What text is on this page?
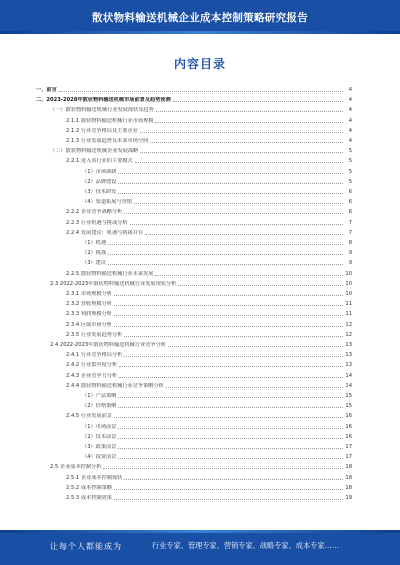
散状物料输送机械企业成本控制策略研究报告
内容目录
一、前言	4
二、2023-2028年散状物料输送机械市场前景及趋势预测	4
（一）散状物料输送机械行业发展现状及趋势	4
2.1.1 散状物料输送机械行业市场规模	4
2.1.2 行业竞争格局及主要企业	4
2.1.3 行业发展趋势及未来市场空间	4
（二）散状物料输送机械企业发展战略	5
2.2.1 进入该行业的主要模式	5
（1）市场调研	5
（2）品牌建设	5
（3）技术研发	6
（4）渠道拓展与营销	6
2.2.2 企业竞争战略分析	6
2.2.3 行业机遇与挑战分析	7
2.2.4 发展建议：机遇与挑战并存	7
（1）机遇	8
（2）挑战	9
（3）建议	9
2.2.5 散状物料输送机械行业未来发展	10
2.3 2022-2023年散状物料输送机械行业发展现状分析	10
2.3.1 市场规模分析	10
2.3.2 营收规模分析	11
2.3.3 利润规模分析	11
2.3.4 区域市场分析	12
2.3.5 行业发展趋势分析	12
2.4 2022-2023年散状物料输送机械行业竞争分析	13
2.4.1 行业竞争格局分析	13
2.4.2 行业集中度分析	13
2.4.3 企业竞争力分析	14
2.4.4 散状物料输送机械行业竞争策略分析	14
（1）产品策略	15
（2）价格策略	15
2.4.5 行业发展前景	16
（1）市场前景	16
（2）技术前景	16
（3）政策前景	17
（4）投资前景	17
2.5 企业成本控制分析	18
2.5.1 企业成本控制现状	18
2.5.2 成本控制策略	18
2.5.3 成本控制效果	19
让每个人都能成为	行业专家、管理专家、营销专家、战略专家、成本专家……
